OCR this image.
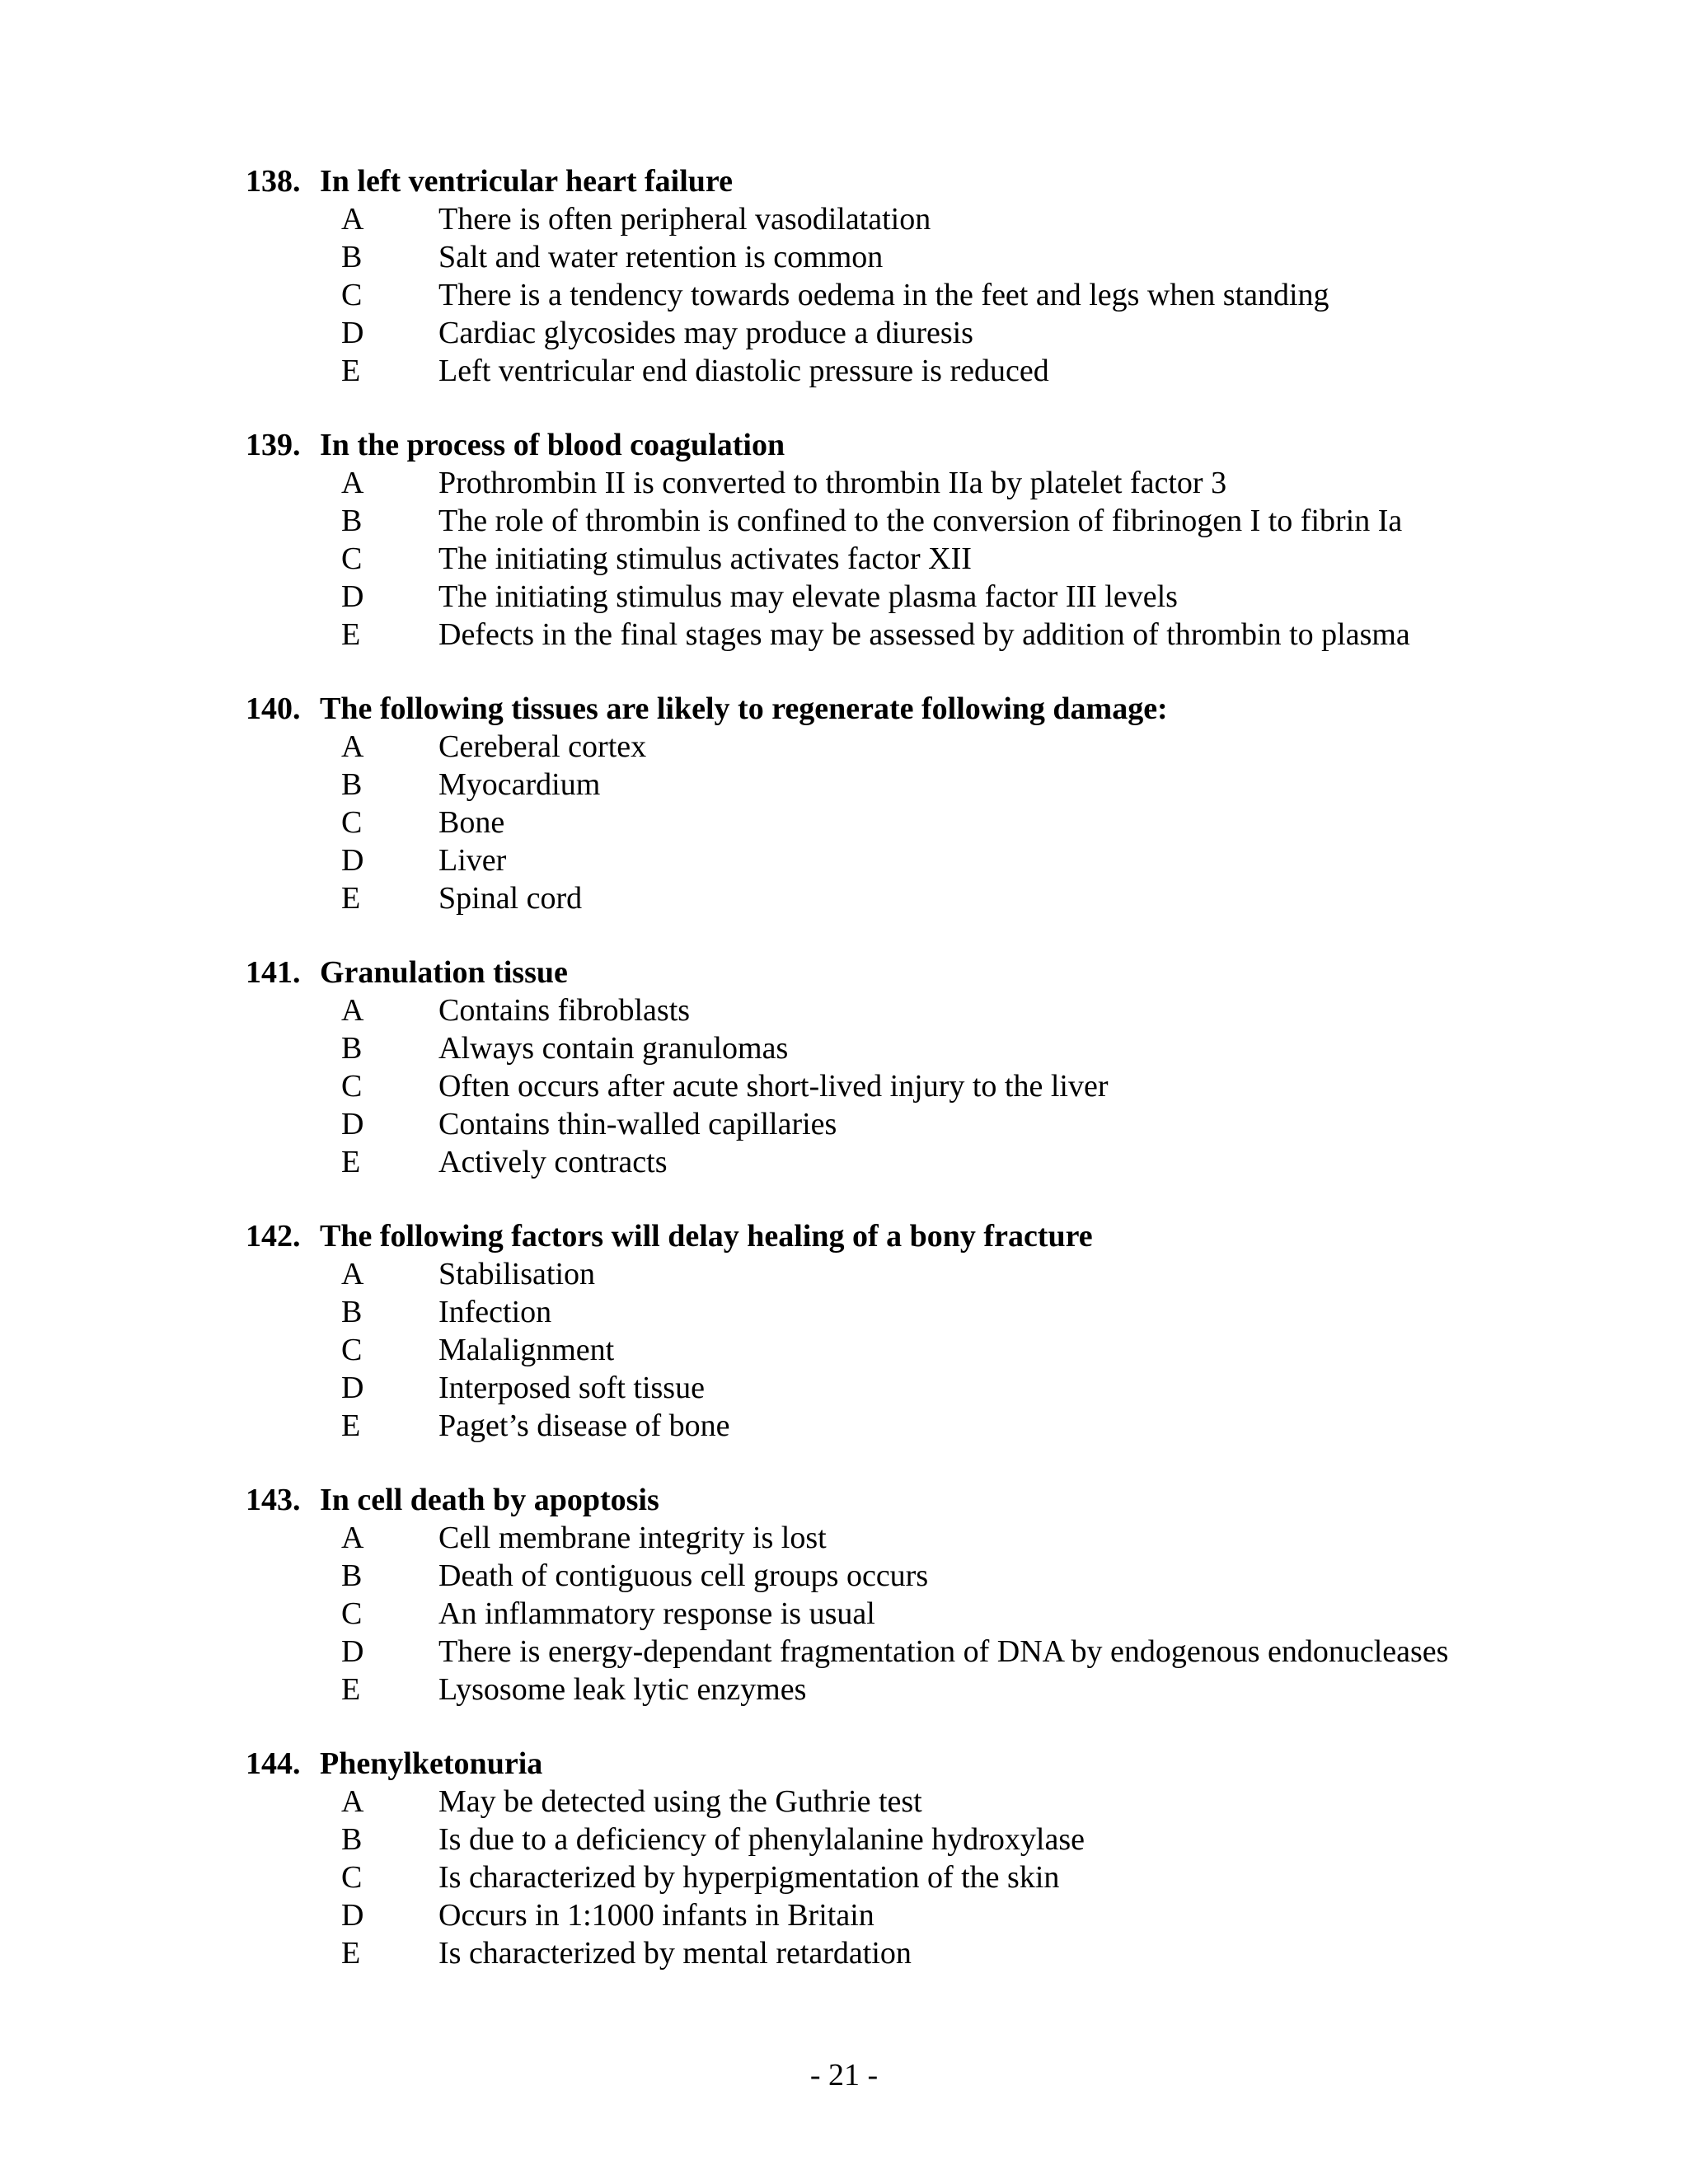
138. In left ventricular heart failure
A There is often peripheral vasodilatation
B Salt and water retention is common
C There is a tendency towards oedema in the feet and legs when standing
D Cardiac glycosides may produce a diuresis
E Left ventricular end diastolic pressure is reduced
139. In the process of blood coagulation
A Prothrombin II is converted to thrombin IIa by platelet factor 3
B The role of thrombin is confined to the conversion of fibrinogen I to fibrin Ia
C The initiating stimulus activates factor XII
D The initiating stimulus may elevate plasma factor III levels
E Defects in the final stages may be assessed by addition of thrombin to plasma
140. The following tissues are likely to regenerate following damage:
A Cereberal cortex
B Myocardium
C Bone
D Liver
E Spinal cord
141. Granulation tissue
A Contains fibroblasts
B Always contain granulomas
C Often occurs after acute short-lived injury to the liver
D Contains thin-walled capillaries
E Actively contracts
142. The following factors will delay healing of a bony fracture
A Stabilisation
B Infection
C Malalignment
D Interposed soft tissue
E Paget’s disease of bone
143. In cell death by apoptosis
A Cell membrane integrity is lost
B Death of contiguous cell groups occurs
C An inflammatory response is usual
D There is energy-dependant fragmentation of DNA by endogenous endonucleases
E Lysosome leak lytic enzymes
144. Phenylketonuria
A May be detected using the Guthrie test
B Is due to a deficiency of phenylalanine hydroxylase
C Is characterized by hyperpigmentation of the skin
D Occurs in 1:1000 infants in Britain
E Is characterized by mental retardation
- 21 -
